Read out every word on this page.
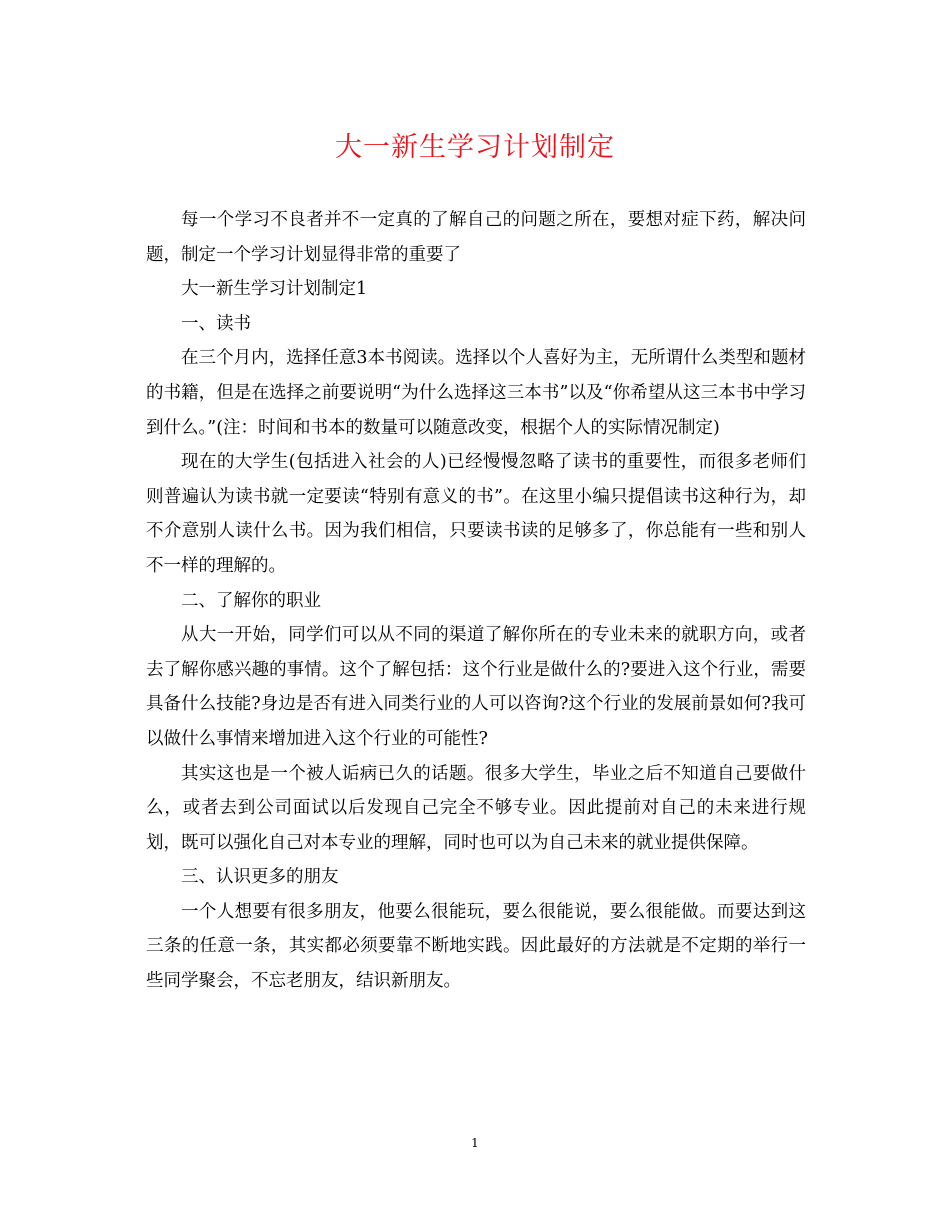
大一新生学习计划制定

每一个学习不良者并不一定真的了解自己的问题之所在，要想对症下药，解决问题，制定一个学习计划显得非常的重要了

大一新生学习计划制定1

一、读书

在三个月内，选择任意3本书阅读。选择以个人喜好为主，无所谓什么类型和题材的书籍，但是在选择之前要说明“为什么选择这三本书”以及“你希望从这三本书中学习到什么。”(注：时间和书本的数量可以随意改变，根据个人的实际情况制定)

现在的大学生(包括进入社会的人)已经慢慢忽略了读书的重要性，而很多老师们则普遍认为读书就一定要读“特别有意义的书”。在这里小编只提倡读书这种行为，却不介意别人读什么书。因为我们相信，只要读书读的足够多了，你总能有一些和别人不一样的理解的。

二、了解你的职业

从大一开始，同学们可以从不同的渠道了解你所在的专业未来的就职方向，或者去了解你感兴趣的事情。这个了解包括：这个行业是做什么的?要进入这个行业，需要具备什么技能?身边是否有进入同类行业的人可以咨询?这个行业的发展前景如何?我可以做什么事情来增加进入这个行业的可能性?

其实这也是一个被人诟病已久的话题。很多大学生，毕业之后不知道自己要做什么，或者去到公司面试以后发现自己完全不够专业。因此提前对自己的未来进行规划，既可以强化自己对本专业的理解，同时也可以为自己未来的就业提供保障。

三、认识更多的朋友

一个人想要有很多朋友，他要么很能玩，要么很能说，要么很能做。而要达到这三条的任意一条，其实都必须要靠不断地实践。因此最好的方法就是不定期的举行一些同学聚会，不忘老朋友，结识新朋友。

1
